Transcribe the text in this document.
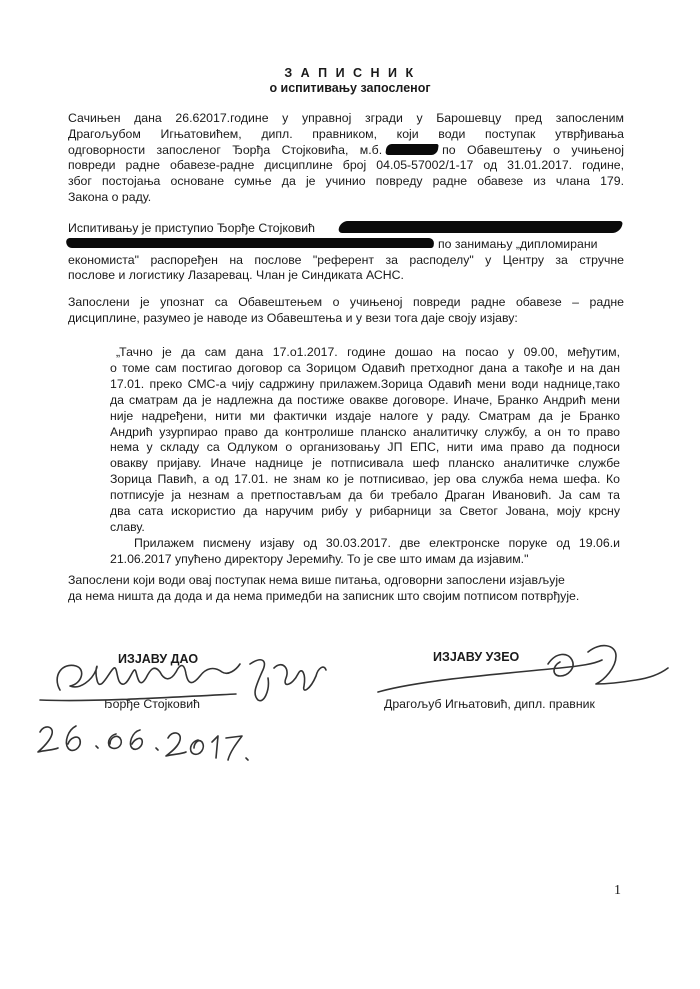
З А П И С Н И К
о испитивању запосленог
Сачињен дана 26.62017.године у управној згради у Барошевцу пред запосленим
Драгољубом Игњатовићем, дипл. правником, који води поступак утврђивања
одговорности запосленог Ђорђа Стојковића, м.б.	по Обавештењу о учињеној
повреди радне обавезе-радне дисциплине број 04.05-57002/1-17 од 31.01.2017. године,
због постојања основане сумње да је учинио повреду радне обавезе из члана 179.
Закона о раду.
Испитивању је приступио Ђорђе Стојковић
по занимању „дипломирани
економиста" распоређен на послове "референт за расподелу" у Центру за стручне
послове и логистику Лазаревац. Члан је Синдиката АСНС.
Запослени је упознат са Обавештењем о учињеној повреди радне обавезе – радне
дисциплине, разумео је наводе из Обавештења и у вези тога даје своју изјаву:
„Тачно је да сам дана 17.о1.2017. године дошао на посао у 09.00, међутим,
о томе сам постигао договор са Зорицом Одавић претходног дана а такође и на дан
17.01. преко СМС-а чију садржину прилажем.Зорица Одавић мени води наднице,тако
да сматрам да је надлежна да постиже овакве договоре. Иначе, Бранко Андрић мени
није надређени, нити ми фактички издаје налоге у раду. Сматрам да је Бранко
Андрић узурпирао право да контролише планско аналитичку службу, а он то право
нема у складу са Одлуком о организовању ЈП ЕПС, нити има право да подноси
овакву пријаву. Иначе наднице је потписивала шеф планско аналитичке службе
Зорица Павић, а од 17.01. не знам ко је потписивао, јер ова служба нема шефа. Ко
потписује ја незнам а претпостављам да би требало Драган Ивановић. Ја сам та
два сата искористио да наручим рибу у рибарници за Светог Јована, мојy крсну
славу.
Прилажем писмену изјаву од 30.03.2017. две електронске поруке од 19.06.и
21.06.2017 упућено директору Јеремићу. То је све што имам да изјавим."
Запослени који води овај поступак нема више питања, одговорни запослени изјављује
да нема ништа да дода и да нема примедби на записник што својим потписом потврђује.
ИЗЈАВУ ДАО	ИЗЈАВУ УЗЕО
Ђорђе Стојковић	Драгољуб Игњатовић, дипл. правник
1
